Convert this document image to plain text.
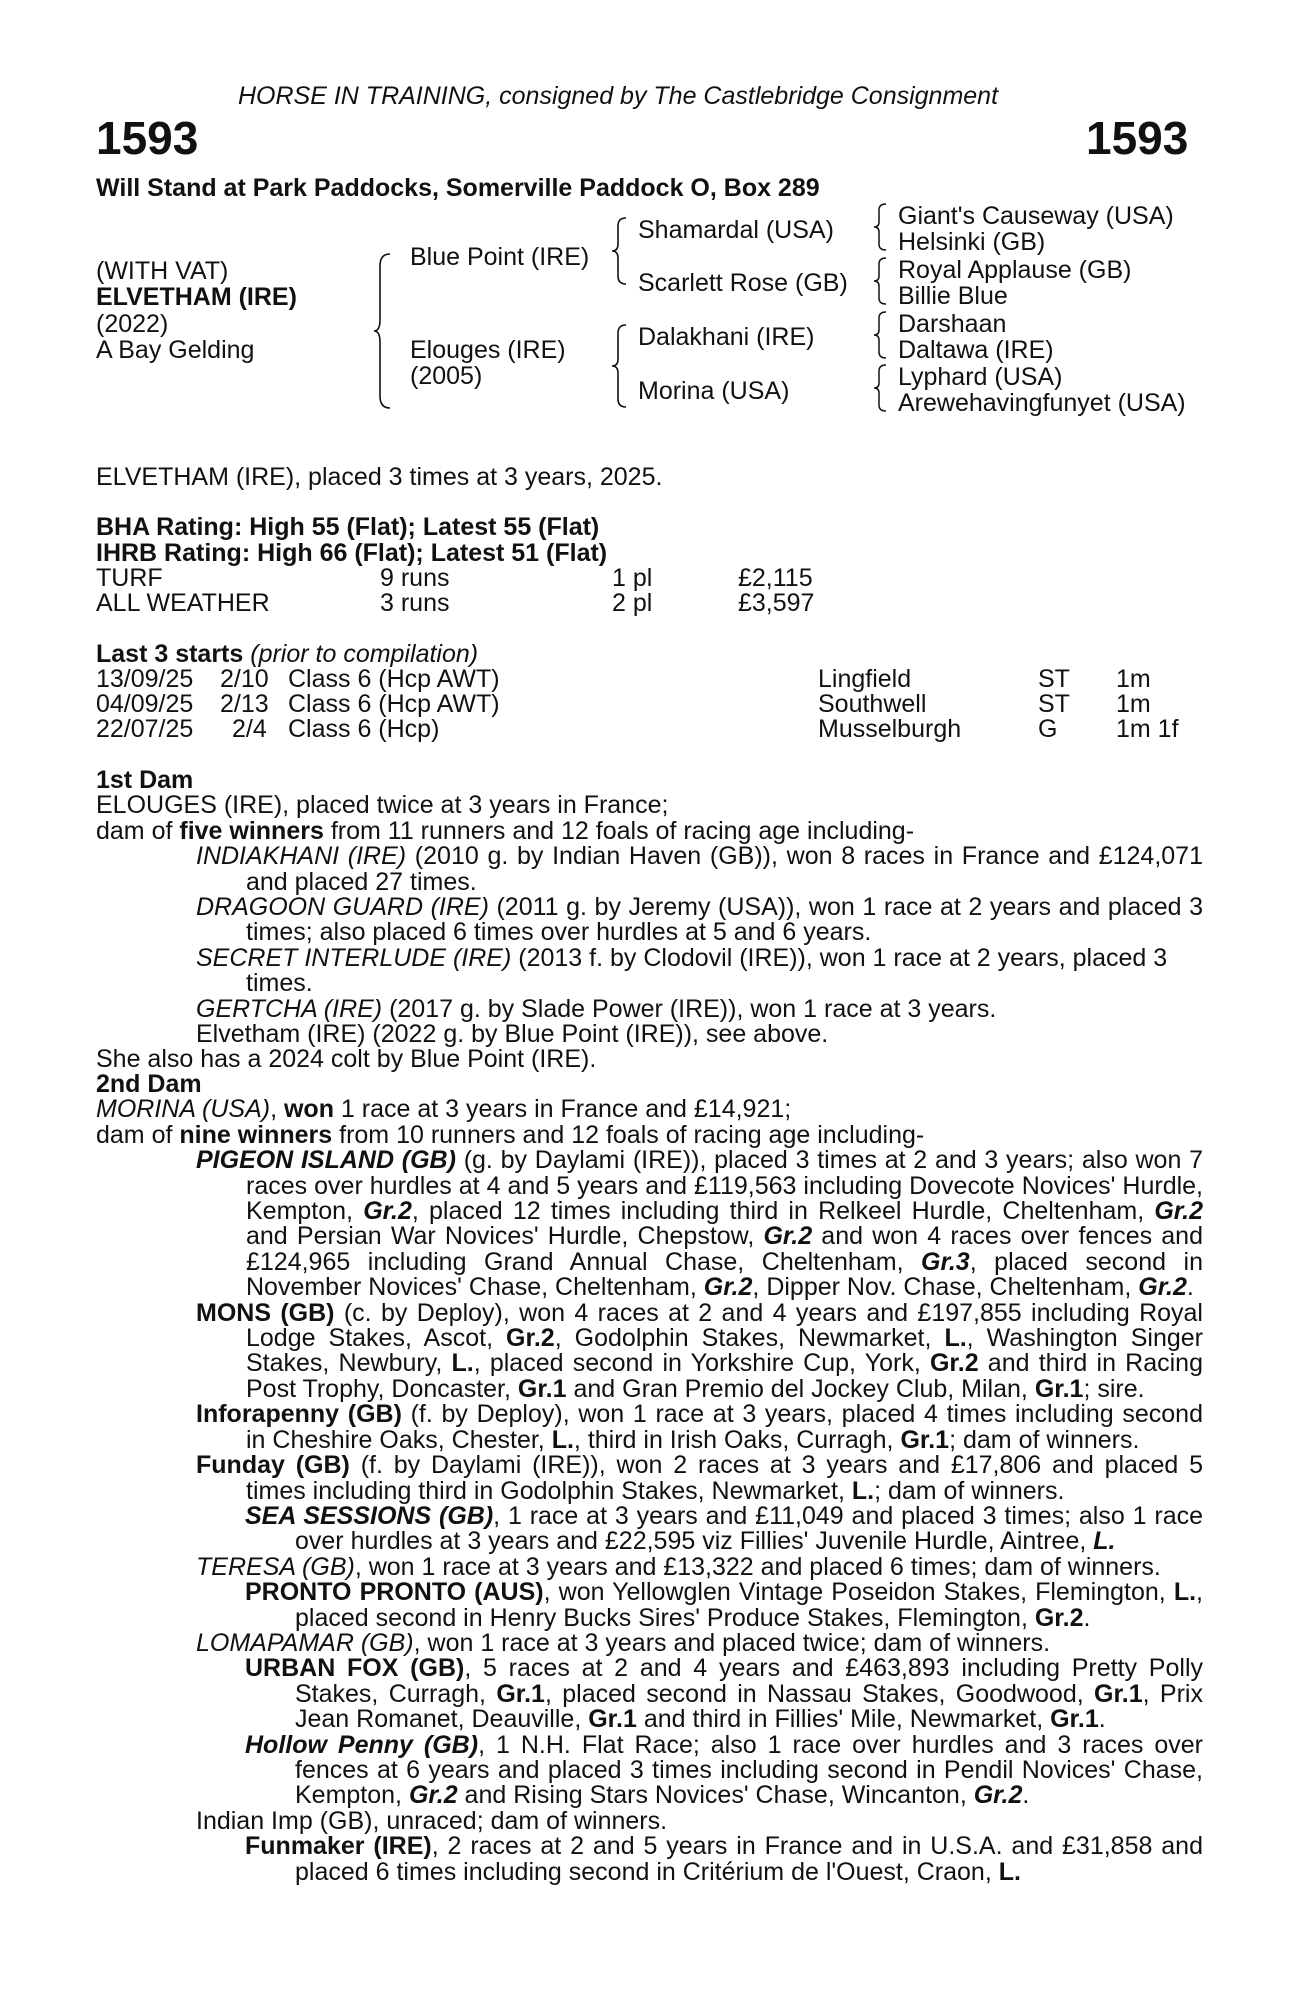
HORSE IN TRAINING, consigned by The Castlebridge Consignment
1593	1593
Will Stand at Park Paddocks, Somerville Paddock O, Box 289
(WITH VAT)
ELVETHAM (IRE)
(2022)
A Bay Gelding
Blue Point (IRE)
Elouges (IRE)
(2005)
Shamardal (USA)
Scarlett Rose (GB)
Dalakhani (IRE)
Morina (USA)
Giant's Causeway (USA)
Helsinki (GB)
Royal Applause (GB)
Billie Blue
Darshaan
Daltawa (IRE)
Lyphard (USA)
Arewehavingfunyet (USA)
ELVETHAM (IRE), placed 3 times at 3 years, 2025.
BHA Rating: High 55 (Flat); Latest 55 (Flat)
IHRB Rating: High 66 (Flat); Latest 51 (Flat)
TURF	9 runs	1 pl	£2,115
ALL WEATHER	3 runs	2 pl	£3,597
Last 3 starts (prior to compilation)
13/09/25 2/10 Class 6 (Hcp AWT)	Lingfield	ST 1m
04/09/25 2/13 Class 6 (Hcp AWT)	Southwell	ST 1m
22/07/25 2/4 Class 6 (Hcp)	Musselburgh	G 1m 1f

1st Dam

ELOUGES (IRE), placed twice at 3 years in France;

dam of five winners from 11 runners and 12 foals of racing age including-

INDIAKHANI (IRE) (2010 g. by Indian Haven (GB)), won 8 races in France and £124,071 and placed 27 times.

DRAGOON GUARD (IRE) (2011 g. by Jeremy (USA)), won 1 race at 2 years and placed 3 times; also placed 6 times over hurdles at 5 and 6 years.

SECRET INTERLUDE (IRE) (2013 f. by Clodovil (IRE)), won 1 race at 2 years, placed 3 times.

GERTCHA (IRE) (2017 g. by Slade Power (IRE)), won 1 race at 3 years.

Elvetham (IRE) (2022 g. by Blue Point (IRE)), see above.

She also has a 2024 colt by Blue Point (IRE).

2nd Dam

MORINA (USA), won 1 race at 3 years in France and £14,921;

dam of nine winners from 10 runners and 12 foals of racing age including-

PIGEON ISLAND (GB) (g. by Daylami (IRE)), placed 3 times at 2 and 3 years; also won 7 races over hurdles at 4 and 5 years and £119,563 including Dovecote Novices' Hurdle, Kempton, Gr.2, placed 12 times including third in Relkeel Hurdle, Cheltenham, Gr.2 and Persian War Novices' Hurdle, Chepstow, Gr.2 and won 4 races over fences and £124,965 including Grand Annual Chase, Cheltenham, Gr.3, placed second in November Novices' Chase, Cheltenham, Gr.2, Dipper Nov. Chase, Cheltenham, Gr.2.

MONS (GB) (c. by Deploy), won 4 races at 2 and 4 years and £197,855 including Royal Lodge Stakes, Ascot, Gr.2, Godolphin Stakes, Newmarket, L., Washington Singer Stakes, Newbury, L., placed second in Yorkshire Cup, York, Gr.2 and third in Racing Post Trophy, Doncaster, Gr.1 and Gran Premio del Jockey Club, Milan, Gr.1; sire.

Inforapenny (GB) (f. by Deploy), won 1 race at 3 years, placed 4 times including second in Cheshire Oaks, Chester, L., third in Irish Oaks, Curragh, Gr.1; dam of winners.

Funday (GB) (f. by Daylami (IRE)), won 2 races at 3 years and £17,806 and placed 5 times including third in Godolphin Stakes, Newmarket, L.; dam of winners.

SEA SESSIONS (GB), 1 race at 3 years and £11,049 and placed 3 times; also 1 race over hurdles at 3 years and £22,595 viz Fillies' Juvenile Hurdle, Aintree, L.

TERESA (GB), won 1 race at 3 years and £13,322 and placed 6 times; dam of winners.

PRONTO PRONTO (AUS), won Yellowglen Vintage Poseidon Stakes, Flemington, L., placed second in Henry Bucks Sires' Produce Stakes, Flemington, Gr.2.

LOMAPAMAR (GB), won 1 race at 3 years and placed twice; dam of winners.

URBAN FOX (GB), 5 races at 2 and 4 years and £463,893 including Pretty Polly Stakes, Curragh, Gr.1, placed second in Nassau Stakes, Goodwood, Gr.1, Prix Jean Romanet, Deauville, Gr.1 and third in Fillies' Mile, Newmarket, Gr.1.

Hollow Penny (GB), 1 N.H. Flat Race; also 1 race over hurdles and 3 races over fences at 6 years and placed 3 times including second in Pendil Novices' Chase, Kempton, Gr.2 and Rising Stars Novices' Chase, Wincanton, Gr.2.

Indian Imp (GB), unraced; dam of winners.

Funmaker (IRE), 2 races at 2 and 5 years in France and in U.S.A. and £31,858 and placed 6 times including second in Critérium de l'Ouest, Craon, L.
